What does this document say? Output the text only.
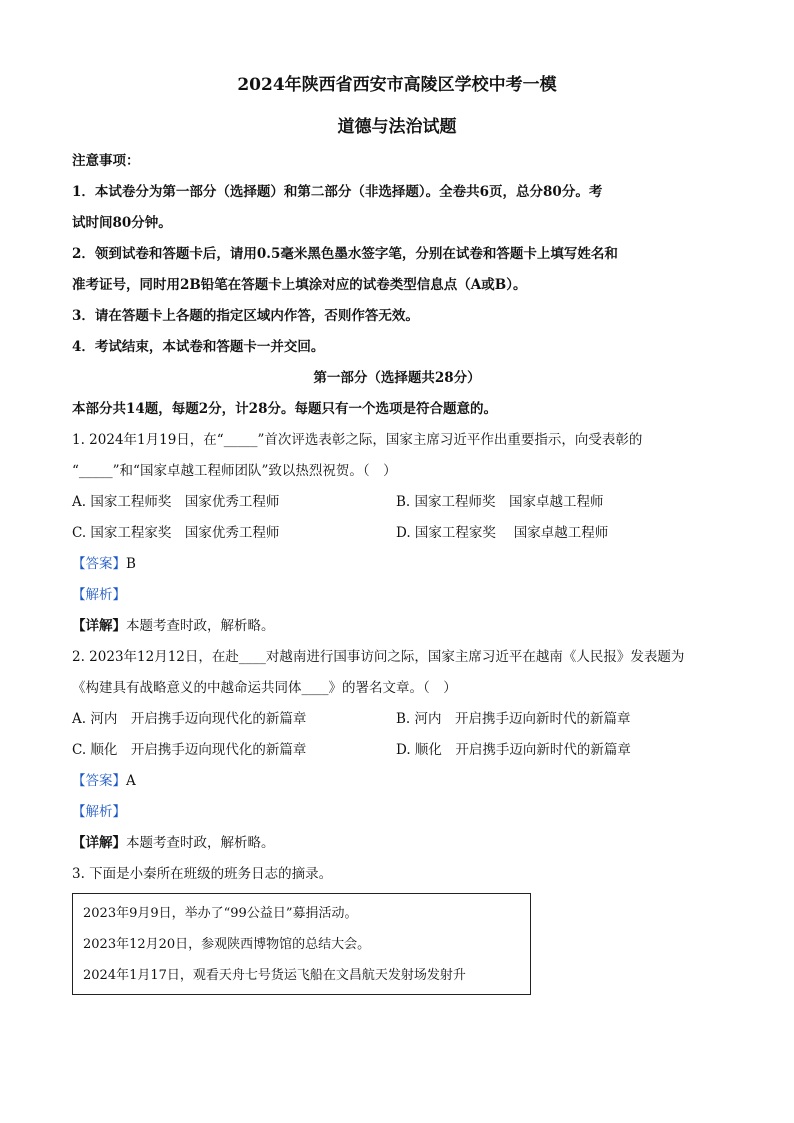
2024年陕西省西安市高陵区学校中考一模
道德与法治试题
注意事项：
1．本试卷分为第一部分（选择题）和第二部分（非选择题）。全卷共6页，总分80分。考
试时间80分钟。
2．领到试卷和答题卡后，请用0.5毫米黑色墨水签字笔，分别在试卷和答题卡上填写姓名和
准考证号，同时用2B铅笔在答题卡上填涂对应的试卷类型信息点（A或B）。
3．请在答题卡上各题的指定区域内作答，否则作答无效。
4．考试结束，本试卷和答题卡一并交回。
第一部分（选择题共28分）
本部分共14题，每题2分，计28分。每题只有一个选项是符合题意的。
1. 2024年1月19日，在“_____”首次评选表彰之际，国家主席习近平作出重要指示，向受表彰的
“_____”和“国家卓越工程师团队”致以热烈祝贺。（　）
A. 国家工程师奖　国家优秀工程师	B. 国家工程师奖　国家卓越工程师
C. 国家工程家奖　国家优秀工程师	D. 国家工程家奖　 国家卓越工程师
【答案】B
【解析】
【详解】本题考查时政，解析略。
2. 2023年12月12日，在赴____对越南进行国事访问之际，国家主席习近平在越南《人民报》发表题为
《构建具有战略意义的中越命运共同体____》的署名文章。（　）
A. 河内　开启携手迈向现代化的新篇章	B. 河内　开启携手迈向新时代的新篇章
C. 顺化　开启携手迈向现代化的新篇章	D. 顺化　开启携手迈向新时代的新篇章
【答案】A
【解析】
【详解】本题考查时政，解析略。
3. 下面是小秦所在班级的班务日志的摘录。
2023年9月9日，举办了“99公益日”募捐活动。
2023年12月20日，参观陕西博物馆的总结大会。
2024年1月17日，观看天舟七号货运飞船在文昌航天发射场发射升
